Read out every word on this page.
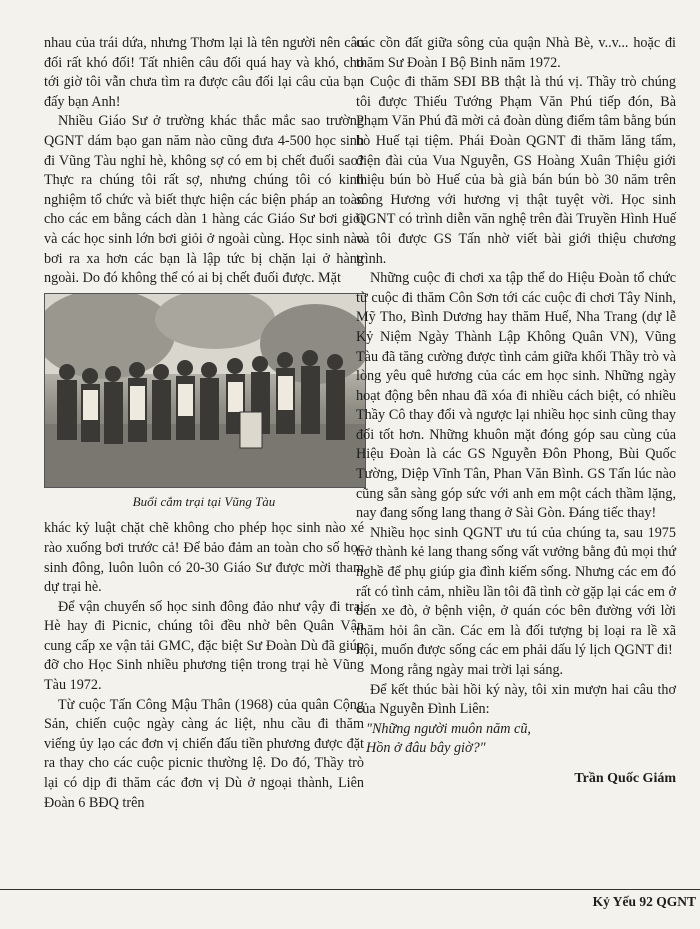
nhau của trái dứa, nhưng Thơm lại là tên người nên câu đối rất khó đối! Tất nhiên câu đối quá hay và khó, cho tới giờ tôi vẫn chưa tìm ra được câu đối lại câu của bạn đấy bạn Anh!

Nhiều Giáo Sư ở trường khác thắc mắc sao trường QGNT dám bạo gan năm nào cũng đưa 4-500 học sinh đi Vũng Tàu nghỉ hè, không sợ có em bị chết đuối sao? Thực ra chúng tôi rất sợ, nhưng chúng tôi có kinh nghiệm tổ chức và biết thực hiện các biện pháp an toàn cho các em bằng cách dàn 1 hàng các Giáo Sư bơi giỏi và các học sinh lớn bơi giỏi ở ngoài cùng. Học sinh nào bơi ra xa hơn các bạn là lập tức bị chặn lại ở hàng ngoài. Do đó không thể có ai bị chết đuối được. Mặt

Buổi cắm trại tại Vũng Tàu

khác kỷ luật chặt chẽ không cho phép học sinh nào xé rào xuống bơi trước cả! Để bảo đảm an toàn cho số học sinh đông, luôn luôn có 20-30 Giáo Sư được mời tham dự trại hè.

Để vận chuyển số học sinh đông đảo như vậy đi trại Hè hay đi Picnic, chúng tôi đều nhờ bên Quân Vận cung cấp xe vận tải GMC, đặc biệt Sư Đoàn Dù đã giúp đỡ cho Học Sinh nhiều phương tiện trong trại hè Vũng Tàu 1972.

Từ cuộc Tấn Công Mậu Thân (1968) của quân Cộng Sản, chiến cuộc ngày càng ác liệt, nhu cầu đi thăm viếng ủy lạo các đơn vị chiến đấu tiền phương được đặt ra thay cho các cuộc picnic thường lệ. Do đó, Thầy trò lại có dịp đi thăm các đơn vị Dù ở ngoại thành, Liên Đoàn 6 BĐQ trên

các cồn đất giữa sông của quận Nhà Bè, v..v... hoặc đi thăm Sư Đoàn I Bộ Binh năm 1972.

Cuộc đi thăm SĐI BB thật là thú vị. Thầy trò chúng tôi được Thiếu Tướng Phạm Văn Phú tiếp đón, Bà Phạm Văn Phú đã mời cả đoàn dùng điểm tâm bằng bún bò Huế tại tiệm. Phái Đoàn QGNT đi thăm lăng tẩm, điện đài của Vua Nguyễn, GS Hoàng Xuân Thiệu giới thiệu bún bò Huế của bà già bán bún bò 30 năm trên sông Hương với hương vị thật tuyệt vời. Học sinh QGNT có trình diễn văn nghệ trên đài Truyền Hình Huế và tôi được GS Tấn nhờ viết bài giới thiệu chương trình.

Những cuộc đi chơi xa tập thể do Hiệu Đoàn tổ chức từ cuộc đi thăm Côn Sơn tới các cuộc đi chơi Tây Ninh, Mỹ Tho, Bình Dương hay thăm Huế, Nha Trang (dự lễ Kỷ Niệm Ngày Thành Lập Không Quân VN), Vũng Tàu đã tăng cường được tình cảm giữa khối Thầy trò và lòng yêu quê hương của các em học sinh. Những ngày hoạt động bên nhau đã xóa đi nhiều cách biệt, có nhiều Thầy Cô thay đổi và ngược lại nhiều học sinh cũng thay đổi tốt hơn. Những khuôn mặt đóng góp sau cùng của Hiệu Đoàn là các GS Nguyễn Đôn Phong, Bùi Quốc Tường, Diệp Vĩnh Tân, Phan Văn Bình. GS Tấn lúc nào cũng sẵn sàng góp sức với anh em một cách thầm lặng, nay đang sống lang thang ở Sài Gòn. Đáng tiếc thay!

Nhiều học sinh QGNT ưu tú của chúng ta, sau 1975 trở thành kẻ lang thang sống vất vưởng bằng đủ mọi thứ nghề để phụ giúp gia đình kiếm sống. Nhưng các em đó rất có tình cảm, nhiều lần tôi đã tình cờ gặp lại các em ở bến xe đò, ở bệnh viện, ở quán cóc bên đường với lời thăm hỏi ân cần. Các em là đối tượng bị loại ra lề xã hội, muốn được sống các em phải dấu lý lịch QGNT đi!

Mong rằng ngày mai trời lại sáng.

Để kết thúc bài hồi ký này, tôi xin mượn hai câu thơ của Nguyễn Đình Liên:

"Những người muôn năm cũ,
Hồn ở đâu bây giờ?"
Trần Quốc Giám
Kỷ Yếu 92 QGNT
